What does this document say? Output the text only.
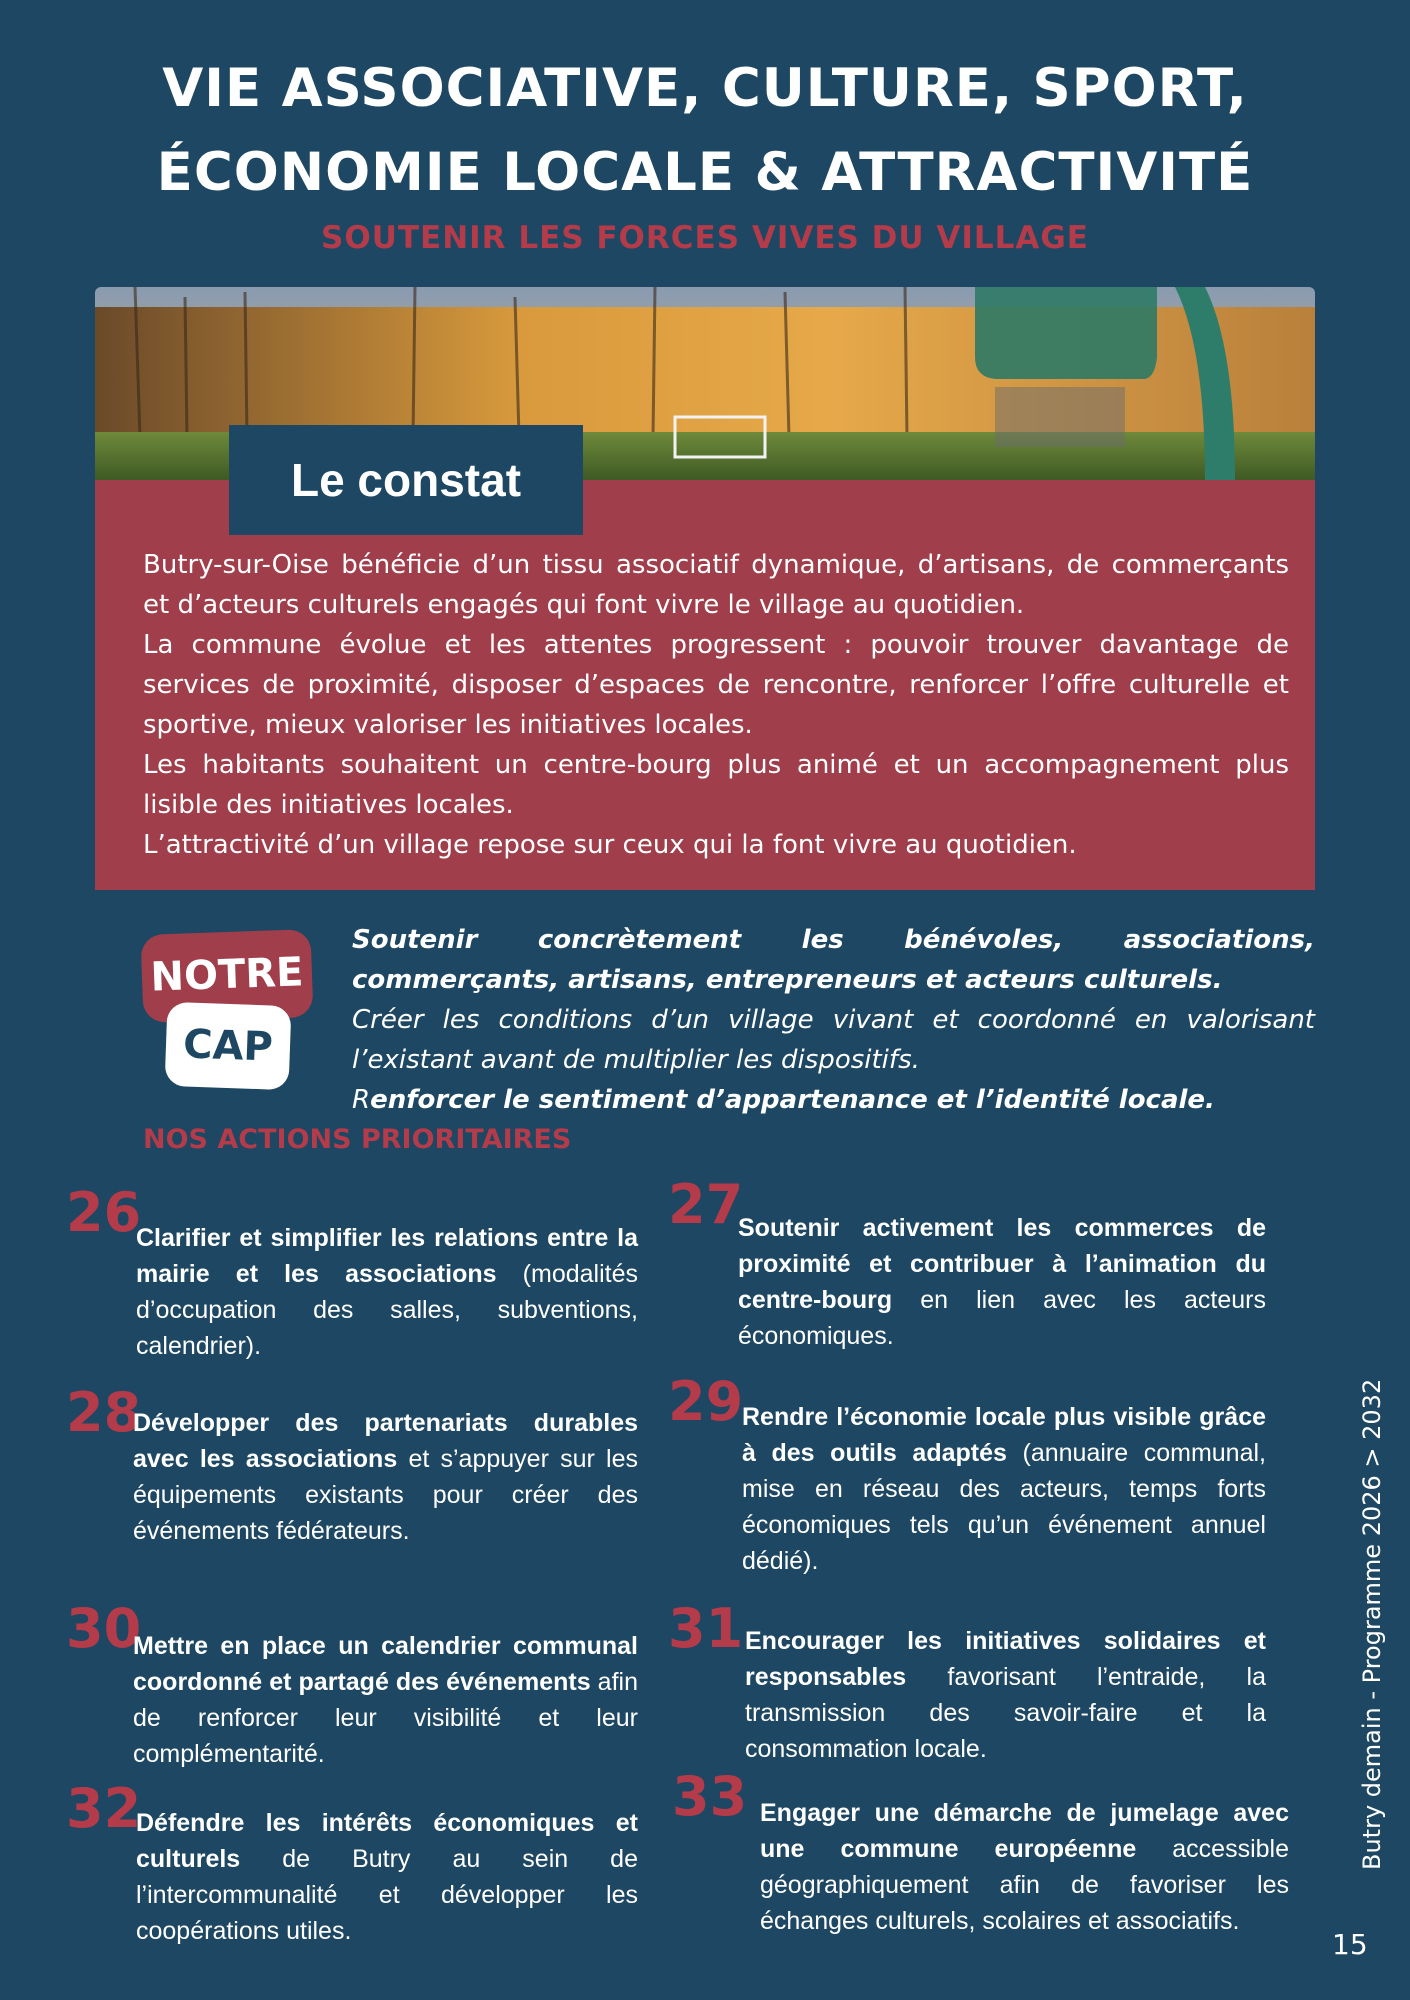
VIE ASSOCIATIVE, CULTURE, SPORT,
ÉCONOMIE LOCALE & ATTRACTIVITÉ
SOUTENIR LES FORCES VIVES DU VILLAGE
Le constat

Butry-sur-Oise bénéficie d’un tissu associatif dynamique, d’artisans, de commerçants et d’acteurs culturels engagés qui font vivre le village au quotidien.

La commune évolue et les attentes progressent : pouvoir trouver davantage de services de proximité, disposer d’espaces de rencontre, renforcer l’offre culturelle et sportive, mieux valoriser les initiatives locales.

Les habitants souhaitent un centre-bourg plus animé et un accompagnement plus lisible des initiatives locales.

L’attractivité d’un village repose sur ceux qui la font vivre au quotidien.

NOTRE
CAP

Soutenir concrètement les bénévoles, associations, commerçants, artisans, entrepreneurs et acteurs culturels.

Créer les conditions d’un village vivant et coordonné en valorisant l’existant avant de multiplier les dispositifs.

Renforcer le sentiment d’appartenance et l’identité locale.

NOS ACTIONS PRIORITAIRES
26
Clarifier et simplifier les relations entre la mairie et les associations (modalités d’occupation des salles, subventions, calendrier).
27
Soutenir activement les commerces de proximité et contribuer à l’animation du centre-bourg en lien avec les acteurs économiques.
28
Développer des partenariats durables avec les associations et s’appuyer sur les équipements existants pour créer des événements fédérateurs.
29
Rendre l’économie locale plus visible grâce à des outils adaptés (annuaire communal, mise en réseau des acteurs, temps forts économiques tels qu’un événement annuel dédié).
30
Mettre en place un calendrier communal coordonné et partagé des événements afin de renforcer leur visibilité et leur complémentarité.
31 Encourager les initiatives solidaires et responsables favorisant l’entraide, la transmission des savoir-faire et la consommation locale.
32
Défendre les intérêts économiques et culturels de Butry au sein de l’intercommunalité et développer les coopérations utiles.
33 Engager une démarche de jumelage avec une commune européenne accessible géographiquement afin de favoriser les échanges culturels, scolaires et associatifs.
Butry demain - Programme 2026 > 2032
15
